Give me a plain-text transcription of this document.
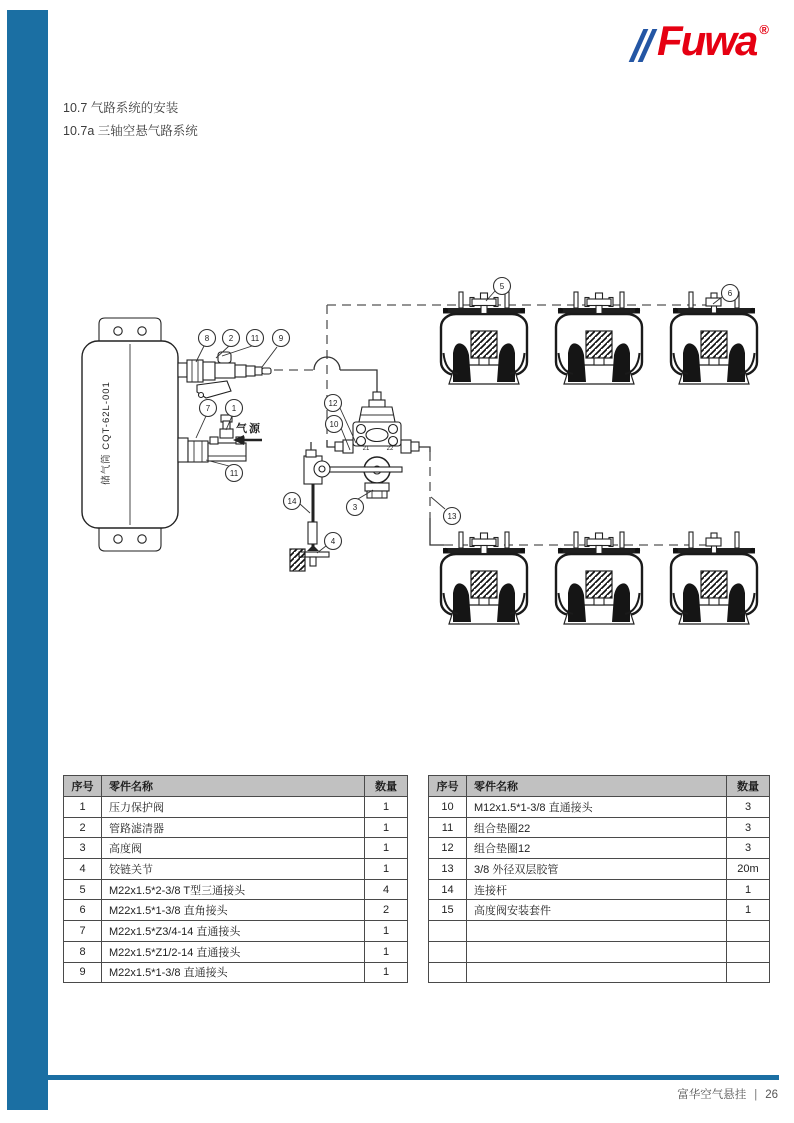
Fuwa ®
10.7 气路系统的安装
10.7a 三轴空悬气路系统
储气筒 CQT-62L-001	气源
21	22
8 2 11 9
7	1
11
12
10
3
14
4
13
5
6
序号	零件名称	数量
1	压力保护阀	1
2	管路滤清器	1
3	高度阀	1
4	铰链关节	1
5	M22x1.5*2-3/8 T型三通接头	4
6	M22x1.5*1-3/8 直角接头	2
7	M22x1.5*Z3/4-14 直通接头	1
8	M22x1.5*Z1/2-14 直通接头	1
9	M22x1.5*1-3/8 直通接头	1
序号	零件名称	数量
10	M12x1.5*1-3/8 直通接头	3
11	组合垫圈22	3
12	组合垫圈12	3
13	3/8 外径双层胶管	20m
14	连接杆	1
15	高度阀安装套件	1

富华空气悬挂 | 26
